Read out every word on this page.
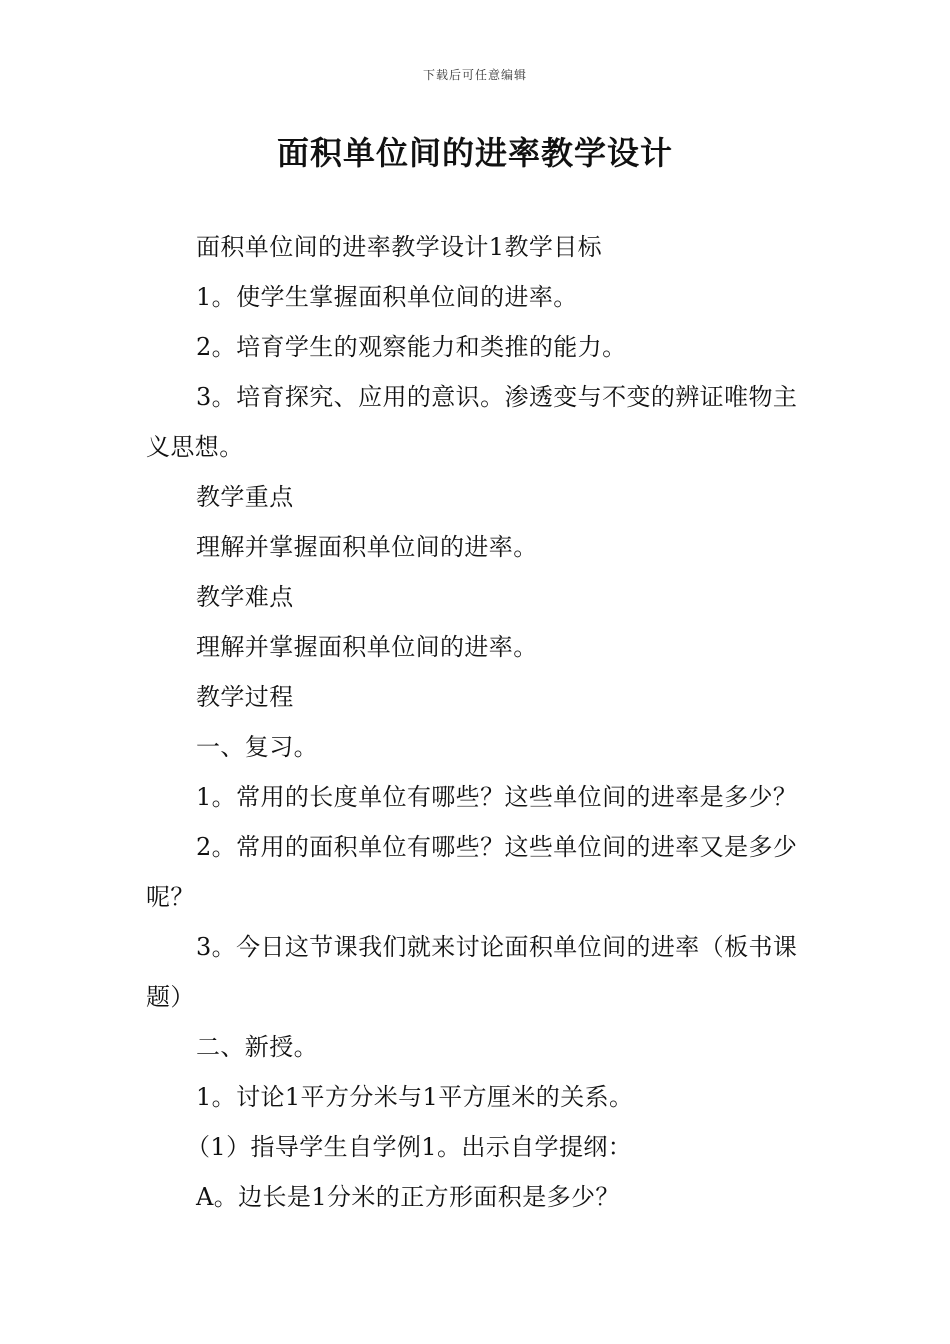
下载后可任意编辑
面积单位间的进率教学设计

面积单位间的进率教学设计1教学目标

1。使学生掌握面积单位间的进率。

2。培育学生的观察能力和类推的能力。

3。培育探究、应用的意识。渗透变与不变的辨证唯物主义思想。

教学重点

理解并掌握面积单位间的进率。

教学难点

理解并掌握面积单位间的进率。

教学过程

一、复习。

1。常用的长度单位有哪些？这些单位间的进率是多少？

2。常用的面积单位有哪些？这些单位间的进率又是多少呢？

3。今日这节课我们就来讨论面积单位间的进率（板书课题）

二、新授。

1。讨论1平方分米与1平方厘米的关系。

（1）指导学生自学例1。出示自学提纲：

A。边长是1分米的正方形面积是多少？
